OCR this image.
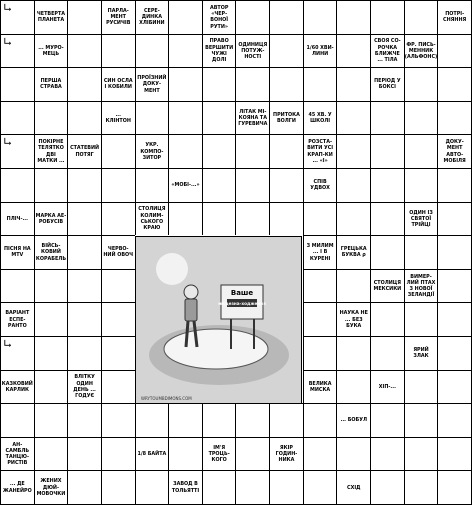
ЧЕТВЕРТА ПЛАНЕТА
ПАРЛА-МЕНТ РУСИЧІВ
СЕРЕ-ДИНКА ХЛІБИНИ
АВТОР «ЧЕР-ВОНОЇ РУТИ»
ПОТРІ-СНЯННЯ
... МУРО-МЕЦЬ
ПРАВО ВЕРШИТИ ЧУЖІ ДОЛІ
ОДИНИЦЯ ПОТУЖ-НОСТІ
1/60 ХВИ-ЛИНИ
СВОЯ СО-РОЧКА БЛИЖЧЕ ... ТІЛА
ФР. ПИСЬ-МЕННИК (АЛЬФОНС)
ПЕРША СТРАВА
СИН ОСЛА І КОБИЛИ
ПРОЇЗНИЙ ДОКУ-МЕНТ
ПЕРІОД У БОКСІ
... КЛІНТОН
ЛІТАК МІ-КОЯНА ТА ГУРЕВИЧА
ПРИТОКА ВОЛГИ
45 ХВ. У ШКОЛІ
ПОКІРНЕ ТЕЛЯТКО ДВІ МАТКИ ...
СТАТЕВИЙ ПОТЯГ
УКР. КОМПО-ЗИТОР
РОЗСТА-ВИТИ УСІ КРАП-КИ ... «І»
ДОКУ-МЕНТ АВТО-МОБІЛЯ
«МОБІ-...»
СПІВ УДВОХ
ПЛІЧ-...
МАРКА АЕ-РОБУСІВ
СТОЛИЦЯ КОЛИМ-СЬКОГО КРАЮ
ОДИН ІЗ СВЯТОЇ ТРІЙЦІ
ПІСНЯ НА MTV
ВІЙСЬ-КОВИЙ КОРАБЕЛЬ
ЧЕРВО-НИЙ ОВОЧ
З МИЛИМ ... І В КУРЕНІ
ГРЕЦЬКА БУКВА ρ
СТОЛИЦЯ МЕКСИКИ
ВИМЕР-ЛИЙ ПТАХ З НОВОЇ ЗЕЛАНДІЇ
ВАРІАНТ ЕСПЕ-РАНТО
НАУКА НЕ ... БЕЗ БУКА
ЯРИЙ ЗЛАК
КАЗКОВИЙ КАРЛИК
ВЛІТКУ ОДИН ДЕНЬ ... ГОДУЄ
ВЕЛИКА МИСКА
ХІП-...
... БОБУЛ
АН-САМБЛЬ ТАНЦЮ-РИСТІВ
1/8 БАЙТА
ІМ'Я ТРОЦЬ-КОГО
ЯКІР ГОДИН-НИКА
... ДЕ ЖАНЕЙРО
ЖЕНИХ ДЮЙ-МОВОЧКИ
ЗАВОД В ТОЛЬЯТТІ
СХІД
Ваше
місцезна-ходження
WRYTOUMBDIMONS.COM
